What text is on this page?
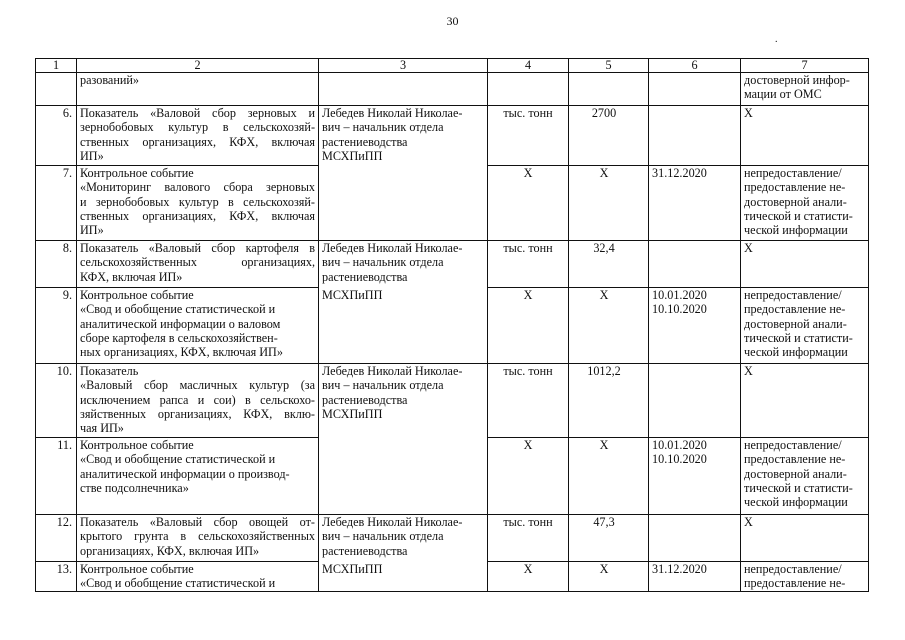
30
.
1	2	3	4	5	6	7

	разований»					достоверной инфор-
мации от ОМС

6.	Показатель «Валовой сбор зерновых и
зернобобовых культур в сельскохозяй-
ственных организациях, КФХ, включая
ИП»	Лебедев Николай Николае-
вич – начальник отдела
растениеводства
МСХПиПП	тыс. тонн	2700		X

7.	Контрольное событие
«Мониторинг валового сбора зерновых
и зернобобовых культур в сельскохозяй-
ственных организациях, КФХ, включая
ИП»		X	X	31.12.2020	непредоставление/
предоставление не-
достоверной анали-
тической и статисти-
ческой информации

8.	Показатель «Валовый сбор картофеля в
сельскохозяйственных организациях,
КФХ, включая ИП»	Лебедев Николай Николае-
вич – начальник отдела
растениеводства	тыс. тонн	32,4		X

9.	Контрольное событие
«Свод и обобщение статистической и
аналитической информации о валовом
сборе картофеля в сельскохозяйствен-
ных организациях, КФХ, включая ИП»	МСХПиПП	X	X	10.01.2020
10.10.2020	непредоставление/
предоставление не-
достоверной анали-
тической и статисти-
ческой информации

10.	Показатель
«Валовый сбор масличных культур (за
исключением рапса и сои) в сельскохо-
зяйственных организациях, КФХ, вклю-
чая ИП»	Лебедев Николай Николае-
вич – начальник отдела
растениеводства
МСХПиПП	тыс. тонн	1012,2		X

11.	Контрольное событие
«Свод и обобщение статистической и
аналитической информации о производ-
стве подсолнечника»		X	X	10.01.2020
10.10.2020	непредоставление/
предоставление не-
достоверной анали-
тической и статисти-
ческой информации

12.	Показатель «Валовый сбор овощей от-
крытого грунта в сельскохозяйственных
организациях, КФХ, включая ИП»	Лебедев Николай Николае-
вич – начальник отдела
растениеводства	тыс. тонн	47,3		X

13.	Контрольное событие
«Свод и обобщение статистической и	МСХПиПП	X	X	31.12.2020	непредоставление/
предоставление не-
